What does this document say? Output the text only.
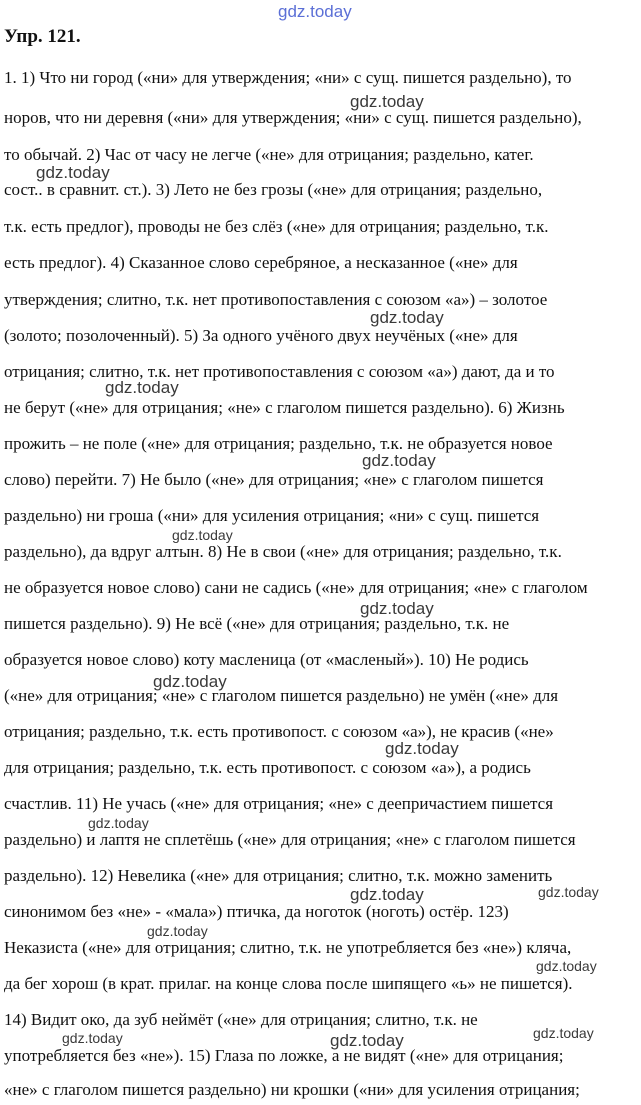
gdz.today
gdz.today
gdz.today
gdz.today
gdz.today
gdz.today
gdz.today
gdz.today
gdz.today
gdz.today
gdz.today
gdz.today	gdz.today
gdz.today
gdz.today
gdz.today
gdz.today	gdz.today
Упр. 121.
1. 1) Что ни город («ни» для утверждения; «ни» с сущ. пишется раздельно), то
норов, что ни деревня («ни» для утверждения; «ни» с сущ. пишется раздельно),
то обычай. 2) Час от часу не легче («не» для отрицания; раздельно, катег.
сост.. в сравнит. ст.). 3) Лето не без грозы («не» для отрицания; раздельно,
т.к. есть предлог), проводы не без слёз («не» для отрицания; раздельно, т.к.
есть предлог). 4) Сказанное слово серебряное, а несказанное («не» для
утверждения; слитно, т.к. нет противопоставления с союзом «а») – золотое
(золото; позолоченный). 5) За одного учёного двух неучёных («не» для
отрицания; слитно, т.к. нет противопоставления с союзом «а») дают, да и то
не берут («не» для отрицания; «не» с глаголом пишется раздельно). 6) Жизнь
прожить – не поле («не» для отрицания; раздельно, т.к. не образуется новое
слово) перейти. 7) Не было («не» для отрицания; «не» с глаголом пишется
раздельно) ни гроша («ни» для усиления отрицания; «ни» с сущ. пишется
раздельно), да вдруг алтын. 8) Не в свои («не» для отрицания; раздельно, т.к.
не образуется новое слово) сани не садись («не» для отрицания; «не» с глаголом
пишется раздельно). 9) Не всё («не» для отрицания; раздельно, т.к. не
образуется новое слово) коту масленица (от «масленый»). 10) Не родись
(«не» для отрицания; «не» с глаголом пишется раздельно) не умён («не» для
отрицания; раздельно, т.к. есть противопост. с союзом «а»), не красив («не»
для отрицания; раздельно, т.к. есть противопост. с союзом «а»), а родись
счастлив. 11) Не учась («не» для отрицания; «не» с деепричастием пишется
раздельно) и лаптя не сплетёшь («не» для отрицания; «не» с глаголом пишется
раздельно). 12) Невелика («не» для отрицания; слитно, т.к. можно заменить
синонимом без «не» - «мала») птичка, да ноготок (ноготь) остёр. 123)
Неказиста («не» для отрицания; слитно, т.к. не употребляется без «не») кляча,
да бег хорош (в крат. прилаг. на конце слова после шипящего «ь» не пишется).
14) Видит око, да зуб неймёт («не» для отрицания; слитно, т.к. не
употребляется без «не»). 15) Глаза по ложке, а не видят («не» для отрицания;
«не» с глаголом пишется раздельно) ни крошки («ни» для усиления отрицания;
